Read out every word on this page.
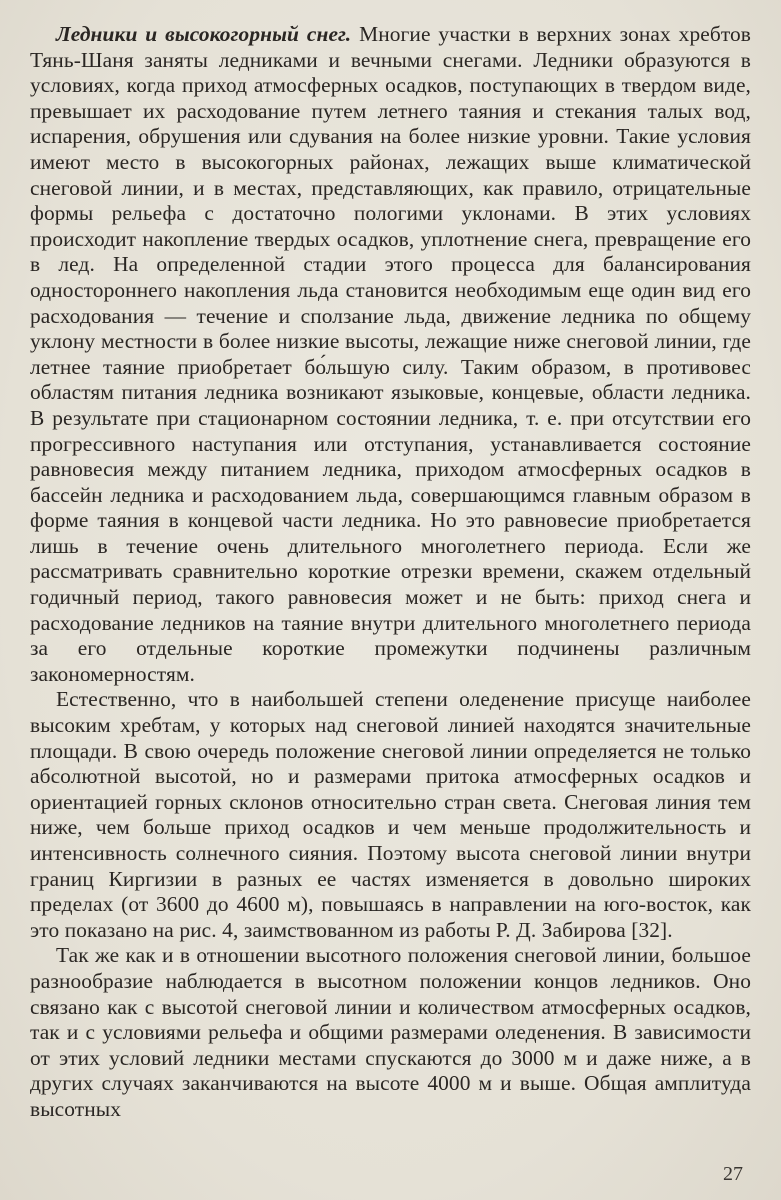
Ледники и высокогорный снег. Многие участки в верхних зонах хребтов Тянь-Шаня заняты ледниками и вечными снегами. Ледники образуются в условиях, когда приход атмосферных осадков, поступающих в твердом виде, превышает их расходование путем летнего таяния и стекания талых вод, испарения, обрушения или сдувания на более низкие уровни. Такие условия имеют место в высокогорных районах, лежащих выше климатической снеговой линии, и в местах, представляющих, как правило, отрицательные формы рельефа с достаточно пологими уклонами. В этих условиях происходит накопление твердых осадков, уплотнение снега, превращение его в лед. На определенной стадии этого процесса для балансирования одностороннего накопления льда становится необходимым еще один вид его расходования — течение и сползание льда, движение ледника по общему уклону местности в более низкие высоты, лежащие ниже снеговой линии, где летнее таяние приобретает бо́льшую силу. Таким образом, в противовес областям питания ледника возникают языковые, концевые, области ледника. В результате при стационарном состоянии ледника, т. е. при отсутствии его прогрессивного наступания или отступания, устанавливается состояние равновесия между питанием ледника, приходом атмосферных осадков в бассейн ледника и расходованием льда, совершающимся главным образом в форме таяния в концевой части ледника. Но это равновесие приобретается лишь в течение очень длительного многолетнего периода. Если же рассматривать сравнительно короткие отрезки времени, скажем отдельный годичный период, такого равновесия может и не быть: приход снега и расходование ледников на таяние внутри длительного многолетнего периода за его отдельные короткие промежутки подчинены различным закономерностям.

Естественно, что в наибольшей степени оледенение присуще наиболее высоким хребтам, у которых над снеговой линией находятся значительные площади. В свою очередь положение снеговой линии определяется не только абсолютной высотой, но и размерами притока атмосферных осадков и ориентацией горных склонов относительно стран света. Снеговая линия тем ниже, чем больше приход осадков и чем меньше продолжительность и интенсивность солнечного сияния. Поэтому высота снеговой линии внутри границ Киргизии в разных ее частях изменяется в довольно широких пределах (от 3600 до 4600 м), повышаясь в направлении на юго-восток, как это показано на рис. 4, заимствованном из работы Р. Д. Забирова [32].

Так же как и в отношении высотного положения снеговой линии, большое разнообразие наблюдается в высотном положении концов ледников. Оно связано как с высотой снеговой линии и количеством атмосферных осадков, так и с условиями рельефа и общими размерами оледенения. В зависимости от этих условий ледники местами спускаются до 3000 м и даже ниже, а в других случаях заканчиваются на высоте 4000 м и выше. Общая амплитуда высотных

27
